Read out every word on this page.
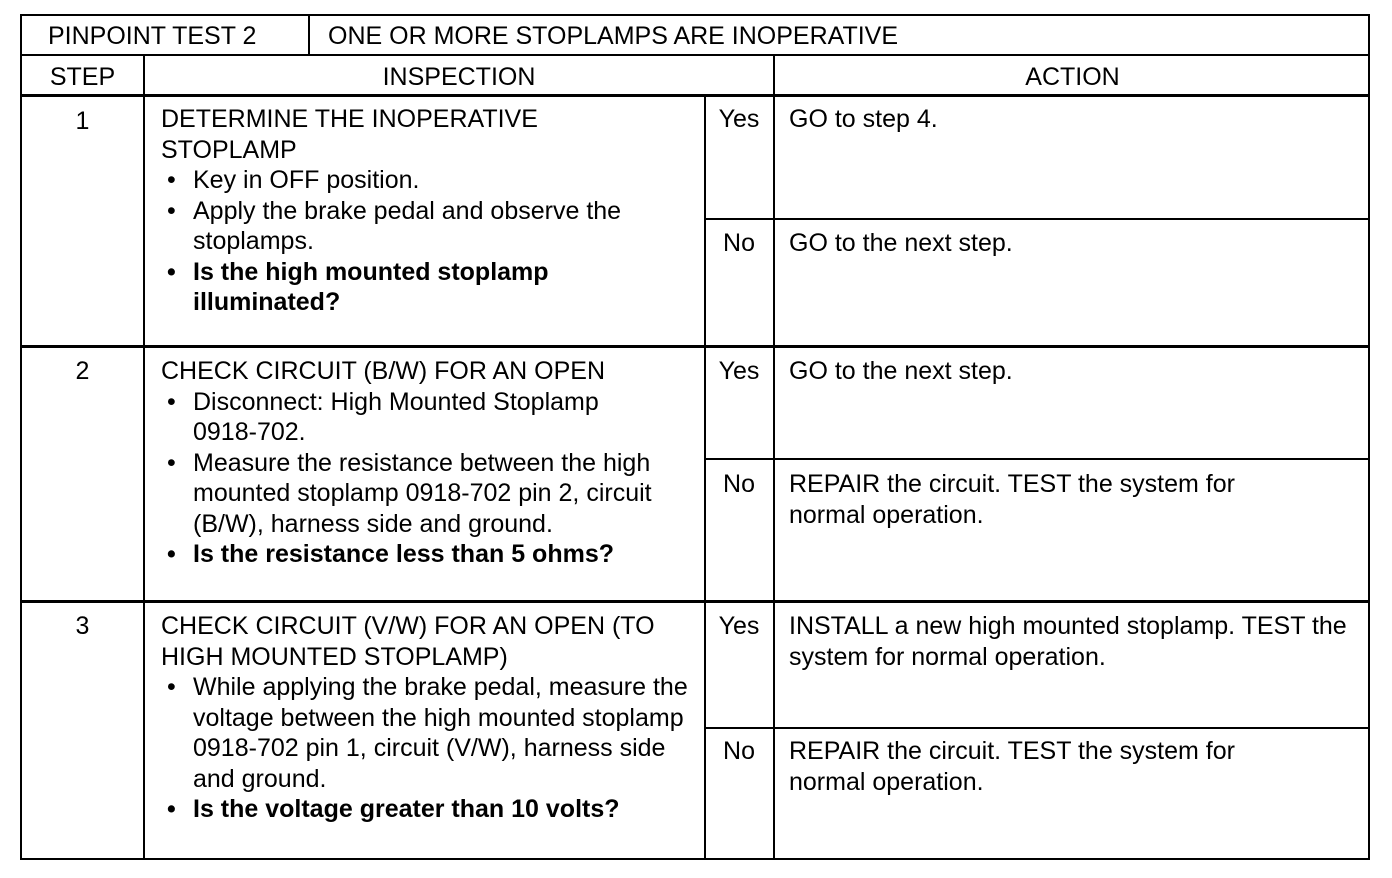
PINPOINT TEST 2	ONE OR MORE STOPLAMPS ARE INOPERATIVE
STEP	INSPECTION	ACTION
1	DETERMINE THE INOPERATIVE STOPLAMP
• Key in OFF position.
• Apply the brake pedal and observe the stoplamps.
• Is the high mounted stoplamp illuminated?
Yes	GO to step 4.
No	GO to the next step.
2	CHECK CIRCUIT (B/W) FOR AN OPEN
• Disconnect: High Mounted Stoplamp 0918-702.
• Measure the resistance between the high mounted stoplamp 0918-702 pin 2, circuit (B/W), harness side and ground.
• Is the resistance less than 5 ohms?
Yes	GO to the next step.
No	REPAIR the circuit. TEST the system for normal operation.
3	CHECK CIRCUIT (V/W) FOR AN OPEN (TO HIGH MOUNTED STOPLAMP)
• While applying the brake pedal, measure the voltage between the high mounted stoplamp 0918-702 pin 1, circuit (V/W), harness side and ground.
• Is the voltage greater than 10 volts?
Yes	INSTALL a new high mounted stoplamp. TEST the system for normal operation.
No	REPAIR the circuit. TEST the system for normal operation.
